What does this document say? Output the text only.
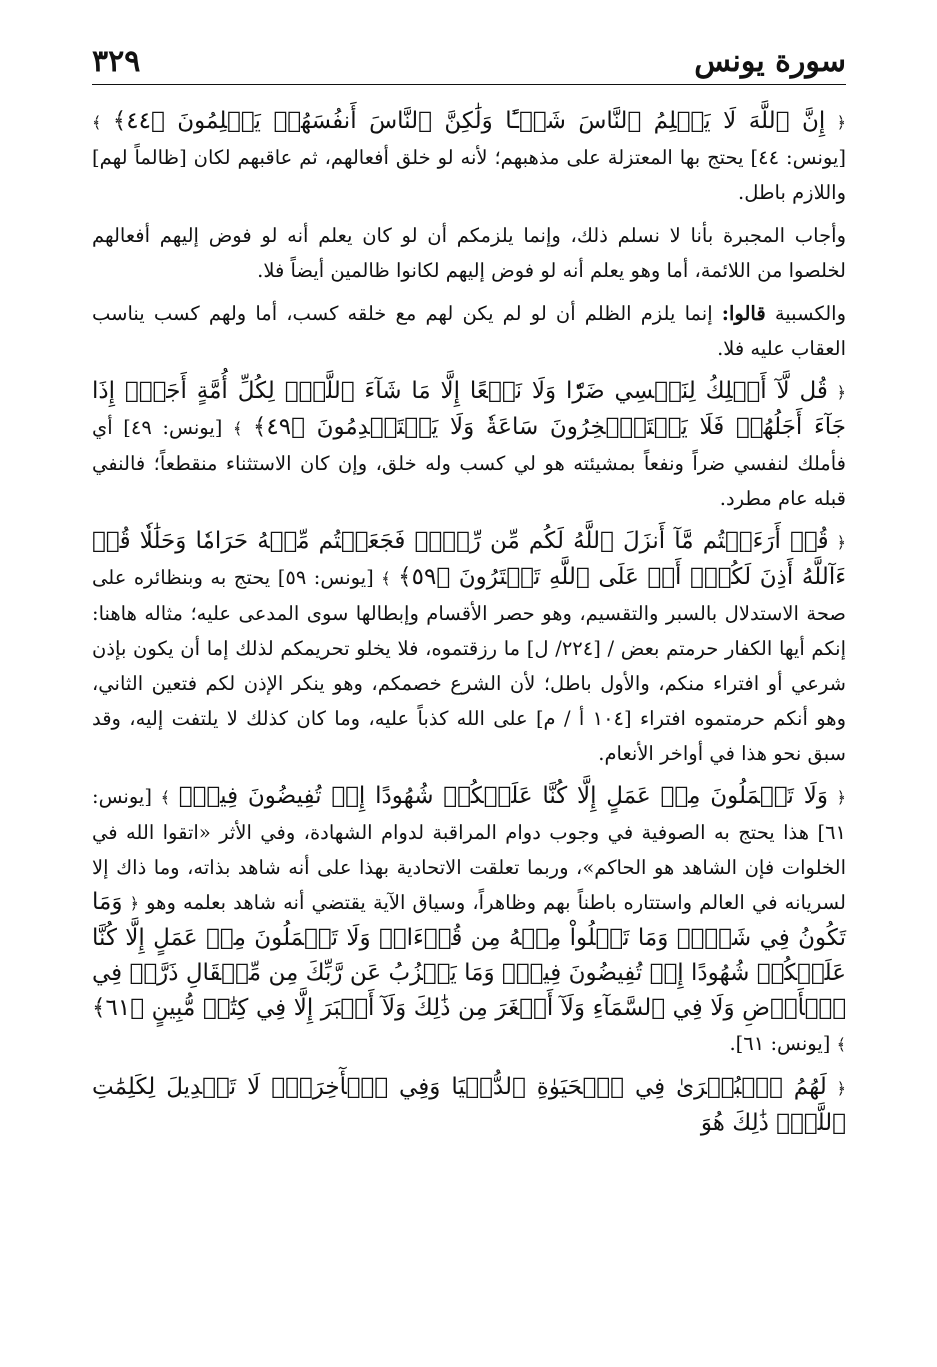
سورة يونس
٣٢٩

﴿ إِنَّ ٱللَّهَ لَا يَظۡلِمُ ٱلنَّاسَ شَيۡـًٔا وَلَٰكِنَّ ٱلنَّاسَ أَنفُسَهُمۡ يَظۡلِمُونَ ﴿٤٤﴾ ﴾ [يونس: ٤٤] يحتج بها المعتزلة على مذهبهم؛ لأنه لو خلق أفعالهم، ثم عاقبهم لكان [ظالماً لهم] واللازم باطل.

وأجاب المجبرة بأنا لا نسلم ذلك، وإنما يلزمكم أن لو كان يعلم أنه لو فوض إليهم أفعالهم لخلصوا من اللائمة، أما وهو يعلم أنه لو فوض إليهم لكانوا ظالمين أيضاً فلا.

والكسبية قالوا: إنما يلزم الظلم أن لو لم يكن لهم مع خلقه كسب، أما ولهم كسب يناسب العقاب عليه فلا.

﴿ قُل لَّآ أَمۡلِكُ لِنَفۡسِي ضَرّٗا وَلَا نَفۡعًا إِلَّا مَا شَآءَ ٱللَّهُۗ لِكُلِّ أُمَّةٍ أَجَلٌۚ إِذَا جَآءَ أَجَلُهُمۡ فَلَا يَسۡتَـٔۡخِرُونَ سَاعَةٗ وَلَا يَسۡتَقۡدِمُونَ ﴿٤٩﴾ ﴾ [يونس: ٤٩] أي فأملك لنفسي ضراً ونفعاً بمشيئته هو لي كسب وله خلق، وإن كان الاستثناء منقطعاً؛ فالنفي قبله عام مطرد.

﴿ قُلۡ أَرَءَيۡتُم مَّآ أَنزَلَ ٱللَّهُ لَكُم مِّن رِّزۡقٖ فَجَعَلۡتُم مِّنۡهُ حَرَامٗا وَحَلَٰلٗا قُلۡ ءَآللَّهُ أَذِنَ لَكُمۡۖ أَمۡ عَلَى ٱللَّهِ تَفۡتَرُونَ ﴿٥٩﴾ ﴾ [يونس: ٥٩] يحتج به وبنظائره على صحة الاستدلال بالسبر والتقسيم، وهو حصر الأقسام وإبطالها سوى المدعى عليه؛ مثاله هاهنا: إنكم أيها الكفار حرمتم بعض / [٢٢٤/ ل] ما رزقتموه، فلا يخلو تحريمكم لذلك إما أن يكون بإذن شرعي أو افتراء منكم، والأول باطل؛ لأن الشرع خصمكم، وهو ينكر الإذن لكم فتعين الثاني، وهو أنكم حرمتموه افتراء [١٠٤ أ / م] على الله كذباً عليه، وما كان كذلك لا يلتفت إليه، وقد سبق نحو هذا في أواخر الأنعام.

﴿ وَلَا تَعۡمَلُونَ مِنۡ عَمَلٍ إِلَّا كُنَّا عَلَيۡكُمۡ شُهُودًا إِذۡ تُفِيضُونَ فِيهِۚ ﴾ [يونس: ٦١] هذا يحتج به الصوفية في وجوب دوام المراقبة لدوام الشهادة، وفي الأثر «اتقوا الله في الخلوات فإن الشاهد هو الحاكم»، وربما تعلقت الاتحادية بهذا على أنه شاهد بذاته، وما ذاك إلا لسريانه في العالم واستتاره باطناً بهم وظاهراً، وسياق الآية يقتضي أنه شاهد بعلمه وهو ﴿ وَمَا تَكُونُ فِي شَأۡنٖ وَمَا تَتۡلُواْ مِنۡهُ مِن قُرۡءَانٖ وَلَا تَعۡمَلُونَ مِنۡ عَمَلٍ إِلَّا كُنَّا عَلَيۡكُمۡ شُهُودًا إِذۡ تُفِيضُونَ فِيهِۚ وَمَا يَعۡزُبُ عَن رَّبِّكَ مِن مِّثۡقَالِ ذَرَّةٖ فِي ٱلۡأَرۡضِ وَلَا فِي ٱلسَّمَآءِ وَلَآ أَصۡغَرَ مِن ذَٰلِكَ وَلَآ أَكۡبَرَ إِلَّا فِي كِتَٰبٖ مُّبِينٍ ﴿٦١﴾ ﴾ [يونس: ٦١].

﴿ لَهُمُ ٱلۡبُشۡرَىٰ فِي ٱلۡحَيَوٰةِ ٱلدُّنۡيَا وَفِي ٱلۡأٓخِرَةِۚ لَا تَبۡدِيلَ لِكَلِمَٰتِ ٱللَّهِۚ ذَٰلِكَ هُوَ
